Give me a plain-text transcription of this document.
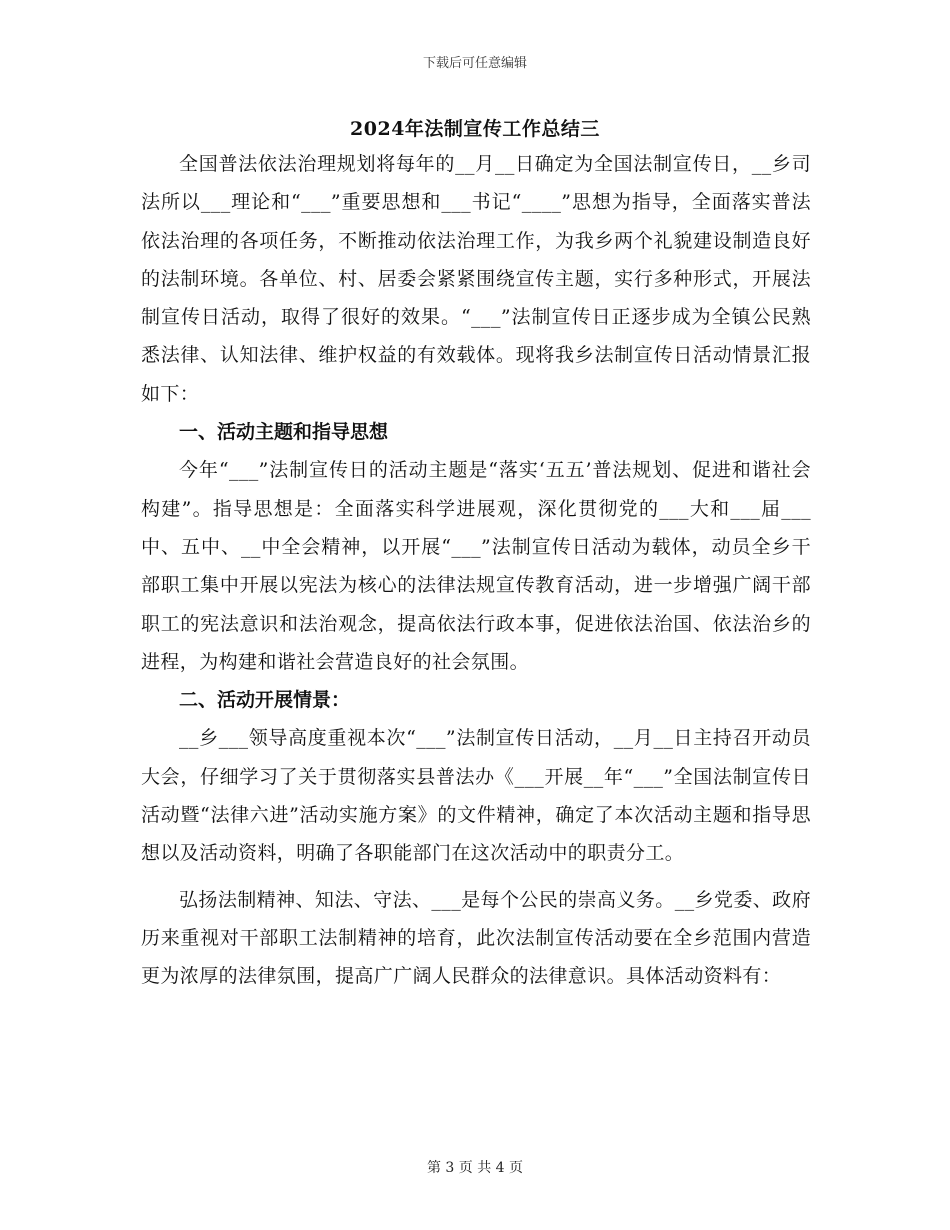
下载后可任意编辑
2024年法制宣传工作总结三

全国普法依法治理规划将每年的__月__日确定为全国法制宣传日，__乡司法所以___理论和“___”重要思想和___书记“____”思想为指导，全面落实普法依法治理的各项任务，不断推动依法治理工作，为我乡两个礼貌建设制造良好的法制环境。各单位、村、居委会紧紧围绕宣传主题，实行多种形式，开展法制宣传日活动，取得了很好的效果。“___”法制宣传日正逐步成为全镇公民熟悉法律、认知法律、维护权益的有效载体。现将我乡法制宣传日活动情景汇报如下：

一、活动主题和指导思想

今年“___”法制宣传日的活动主题是“落实‘五五’普法规划、促进和谐社会构建”。指导思想是：全面落实科学进展观，深化贯彻党的___大和___届___中、五中、__中全会精神，以开展“___”法制宣传日活动为载体，动员全乡干部职工集中开展以宪法为核心的法律法规宣传教育活动，进一步增强广阔干部职工的宪法意识和法治观念，提高依法行政本事，促进依法治国、依法治乡的进程，为构建和谐社会营造良好的社会氛围。

二、活动开展情景：

__乡___领导高度重视本次“___”法制宣传日活动，__月__日主持召开动员大会，仔细学习了关于贯彻落实县普法办《___开展__年“___”全国法制宣传日活动暨“法律六进”活动实施方案》的文件精神，确定了本次活动主题和指导思想以及活动资料，明确了各职能部门在这次活动中的职责分工。

弘扬法制精神、知法、守法、___是每个公民的崇高义务。__乡党委、政府历来重视对干部职工法制精神的培育，此次法制宣传活动要在全乡范围内营造更为浓厚的法律氛围，提高广广阔人民群众的法律意识。具体活动资料有：

第 3 页 共 4 页
